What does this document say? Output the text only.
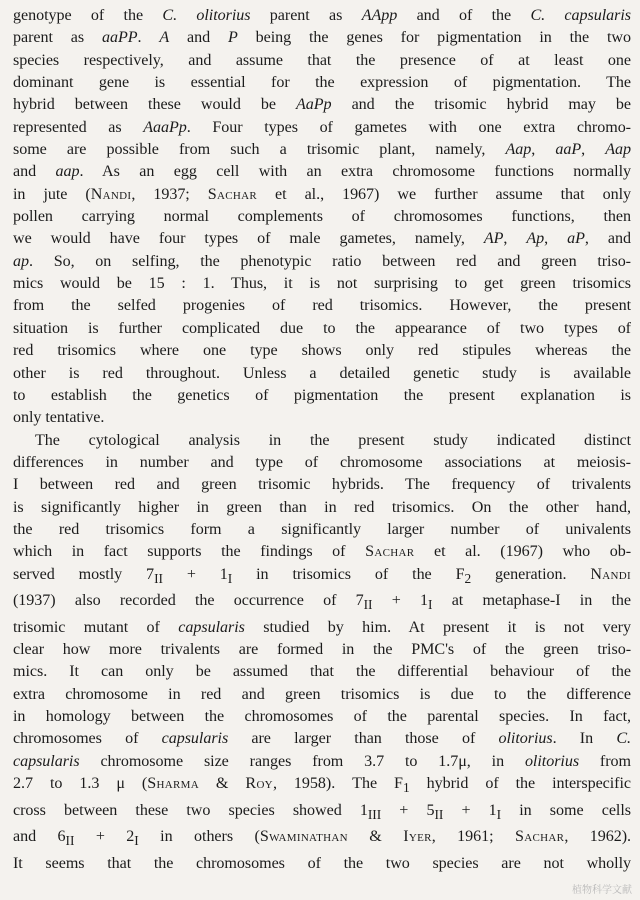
genotype of the C. olitorius parent as AApp and of the C. capsularis
parent as aaPP. A and P being the genes for pigmentation in the two
species respectively, and assume that the presence of at least one
dominant gene is essential for the expression of pigmentation. The
hybrid between these would be AaPp and the trisomic hybrid may be
represented as AaaPp. Four types of gametes with one extra chromo-
some are possible from such a trisomic plant, namely, Aap, aaP, Aap
and aap. As an egg cell with an extra chromosome functions normally
in jute (Nandi, 1937; Sachar et al., 1967) we further assume that only
pollen carrying normal complements of chromosomes functions, then
we would have four types of male gametes, namely, AP, Ap, aP, and
ap. So, on selfing, the phenotypic ratio between red and green triso-
mics would be 15 : 1. Thus, it is not surprising to get green trisomics
from the selfed progenies of red trisomics. However, the present
situation is further complicated due to the appearance of two types of
red trisomics where one type shows only red stipules whereas the
other is red throughout. Unless a detailed genetic study is available
to establish the genetics of pigmentation the present explanation is
only tentative.
The cytological analysis in the present study indicated distinct
differences in number and type of chromosome associations at meiosis-
I between red and green trisomic hybrids. The frequency of trivalents
is significantly higher in green than in red trisomics. On the other hand,
the red trisomics form a significantly larger number of univalents
which in fact supports the findings of Sachar et al. (1967) who ob-
served mostly $7_{II} + 1_I$ in trisomics of the $F_2$ generation. Nandi
(1937) also recorded the occurrence of $7_{II} + 1_I$ at metaphase-I in the
trisomic mutant of capsularis studied by him. At present it is not very
clear how more trivalents are formed in the PMC's of the green triso-
mics. It can only be assumed that the differential behaviour of the
extra chromosome in red and green trisomics is due to the difference
in homology between the chromosomes of the parental species. In fact,
chromosomes of capsularis are larger than those of olitorius. In C.
capsularis chromosome size ranges from 3.7 to 1.7μ, in olitorius from
2.7 to 1.3 μ (Sharma & Roy, 1958). The $F_1$ hybrid of the interspecific
cross between these two species showed $1_{III} + 5_{II} + 1_I$ in some cells
and $6_{II} + 2_I$ in others (Swaminathan & Iyer, 1961; Sachar, 1962).
It seems that the chromosomes of the two species are not wholly
植物科学文献
